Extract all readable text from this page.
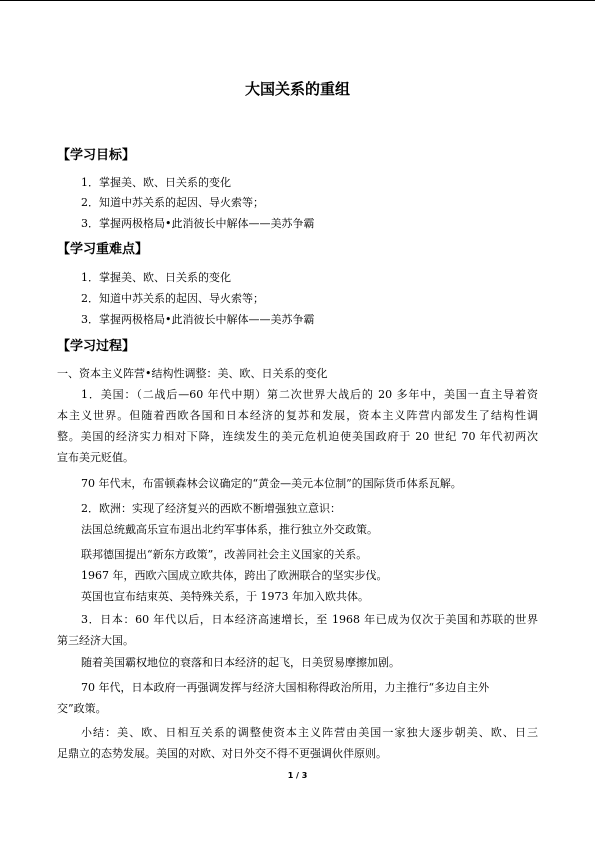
大国关系的重组
【学习目标】
1．掌握美、欧、日关系的变化
2．知道中苏关系的起因、导火索等；
3．掌握两极格局•此消彼长中解体——美苏争霸
【学习重难点】
1．掌握美、欧、日关系的变化
2．知道中苏关系的起因、导火索等；
3．掌握两极格局•此消彼长中解体——美苏争霸
【学习过程】
一、资本主义阵营•结构性调整：美、欧、日关系的变化
1．美国：（二战后—60 年代中期）第二次世界大战后的 20 多年中，美国一直主导着资
本主义世界。但随着西欧各国和日本经济的复苏和发展，资本主义阵营内部发生了结构性调
整。美国的经济实力相对下降，连续发生的美元危机迫使美国政府于 20 世纪 70 年代初两次
宣布美元贬值。
70 年代末，布雷顿森林会议确定的“黄金—美元本位制”的国际货币体系瓦解。
2．欧洲：实现了经济复兴的西欧不断增强独立意识：
法国总统戴高乐宣布退出北约军事体系，推行独立外交政策。
联邦德国提出“新东方政策”，改善同社会主义国家的关系。
1967 年，西欧六国成立欧共体，跨出了欧洲联合的坚实步伐。
英国也宣布结束英、美特殊关系，于 1973 年加入欧共体。
3．日本：60 年代以后，日本经济高速增长，至 1968 年已成为仅次于美国和苏联的世界
第三经济大国。
随着美国霸权地位的衰落和日本经济的起飞，日美贸易摩擦加剧。
70 年代，日本政府一再强调发挥与经济大国相称得政治所用，力主推行“多边自主外
交”政策。
小结：美、欧、日相互关系的调整使资本主义阵营由美国一家独大逐步朝美、欧、日三
足鼎立的态势发展。美国的对欧、对日外交不得不更强调伙伴原则。
1 / 3
